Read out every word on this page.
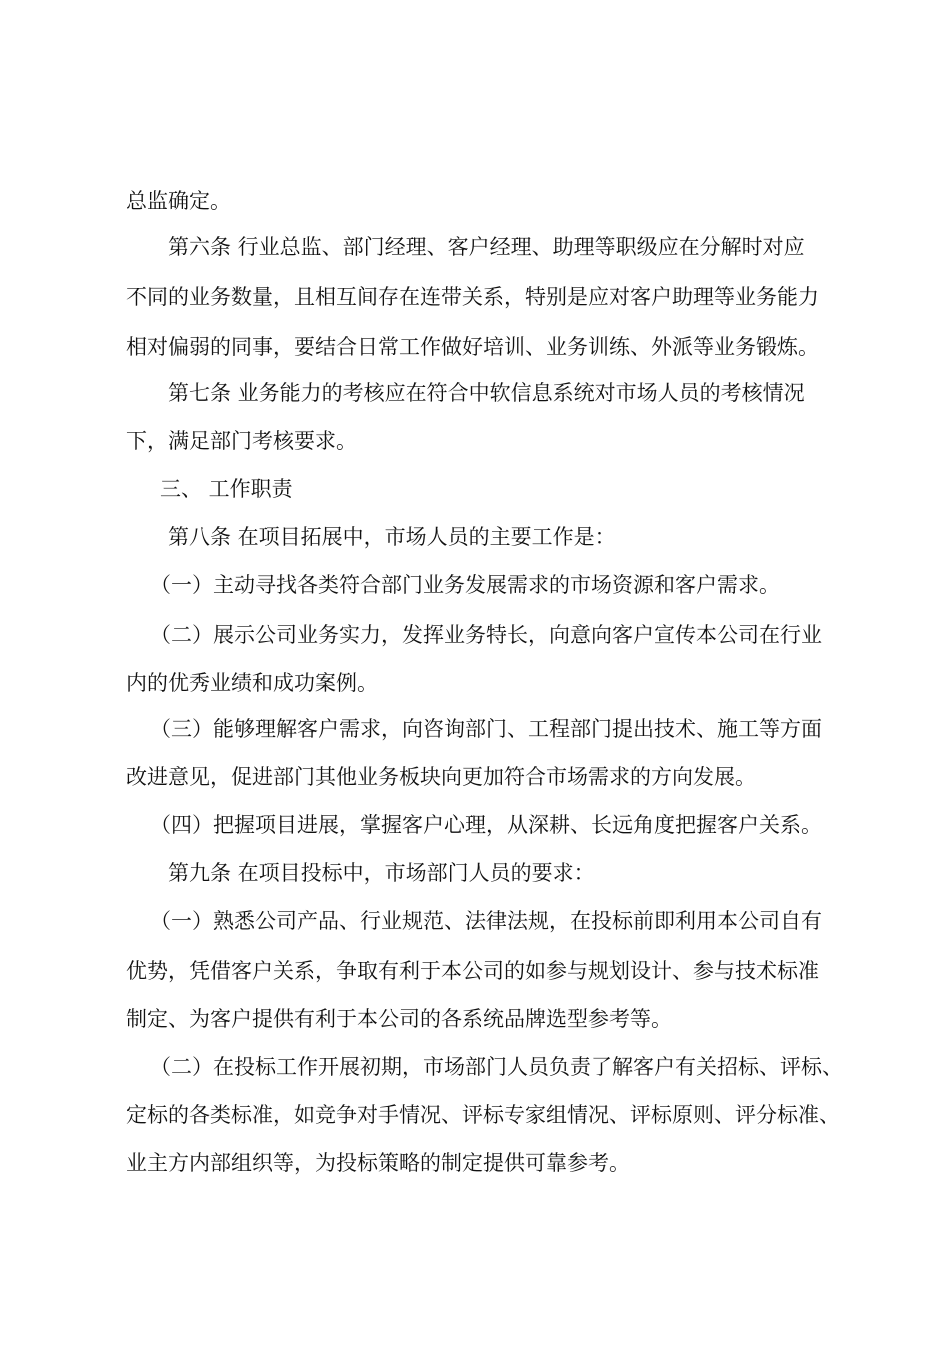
总监确定。
第六条 行业总监、部门经理、客户经理、助理等职级应在分解时对应
不同的业务数量，且相互间存在连带关系，特别是应对客户助理等业务能力
相对偏弱的同事，要结合日常工作做好培训、业务训练、外派等业务锻炼。
第七条 业务能力的考核应在符合中软信息系统对市场人员的考核情况
下，满足部门考核要求。
三、 工作职责
第八条 在项目拓展中，市场人员的主要工作是：
（一）主动寻找各类符合部门业务发展需求的市场资源和客户需求。
（二）展示公司业务实力，发挥业务特长，向意向客户宣传本公司在行业
内的优秀业绩和成功案例。
（三）能够理解客户需求，向咨询部门、工程部门提出技术、施工等方面
改进意见，促进部门其他业务板块向更加符合市场需求的方向发展。
（四）把握项目进展，掌握客户心理，从深耕、长远角度把握客户关系。
第九条 在项目投标中，市场部门人员的要求：
（一）熟悉公司产品、行业规范、法律法规，在投标前即利用本公司自有
优势，凭借客户关系，争取有利于本公司的如参与规划设计、参与技术标准
制定、为客户提供有利于本公司的各系统品牌选型参考等。
（二）在投标工作开展初期，市场部门人员负责了解客户有关招标、评标、
定标的各类标准，如竞争对手情况、评标专家组情况、评标原则、评分标准、
业主方内部组织等，为投标策略的制定提供可靠参考。
